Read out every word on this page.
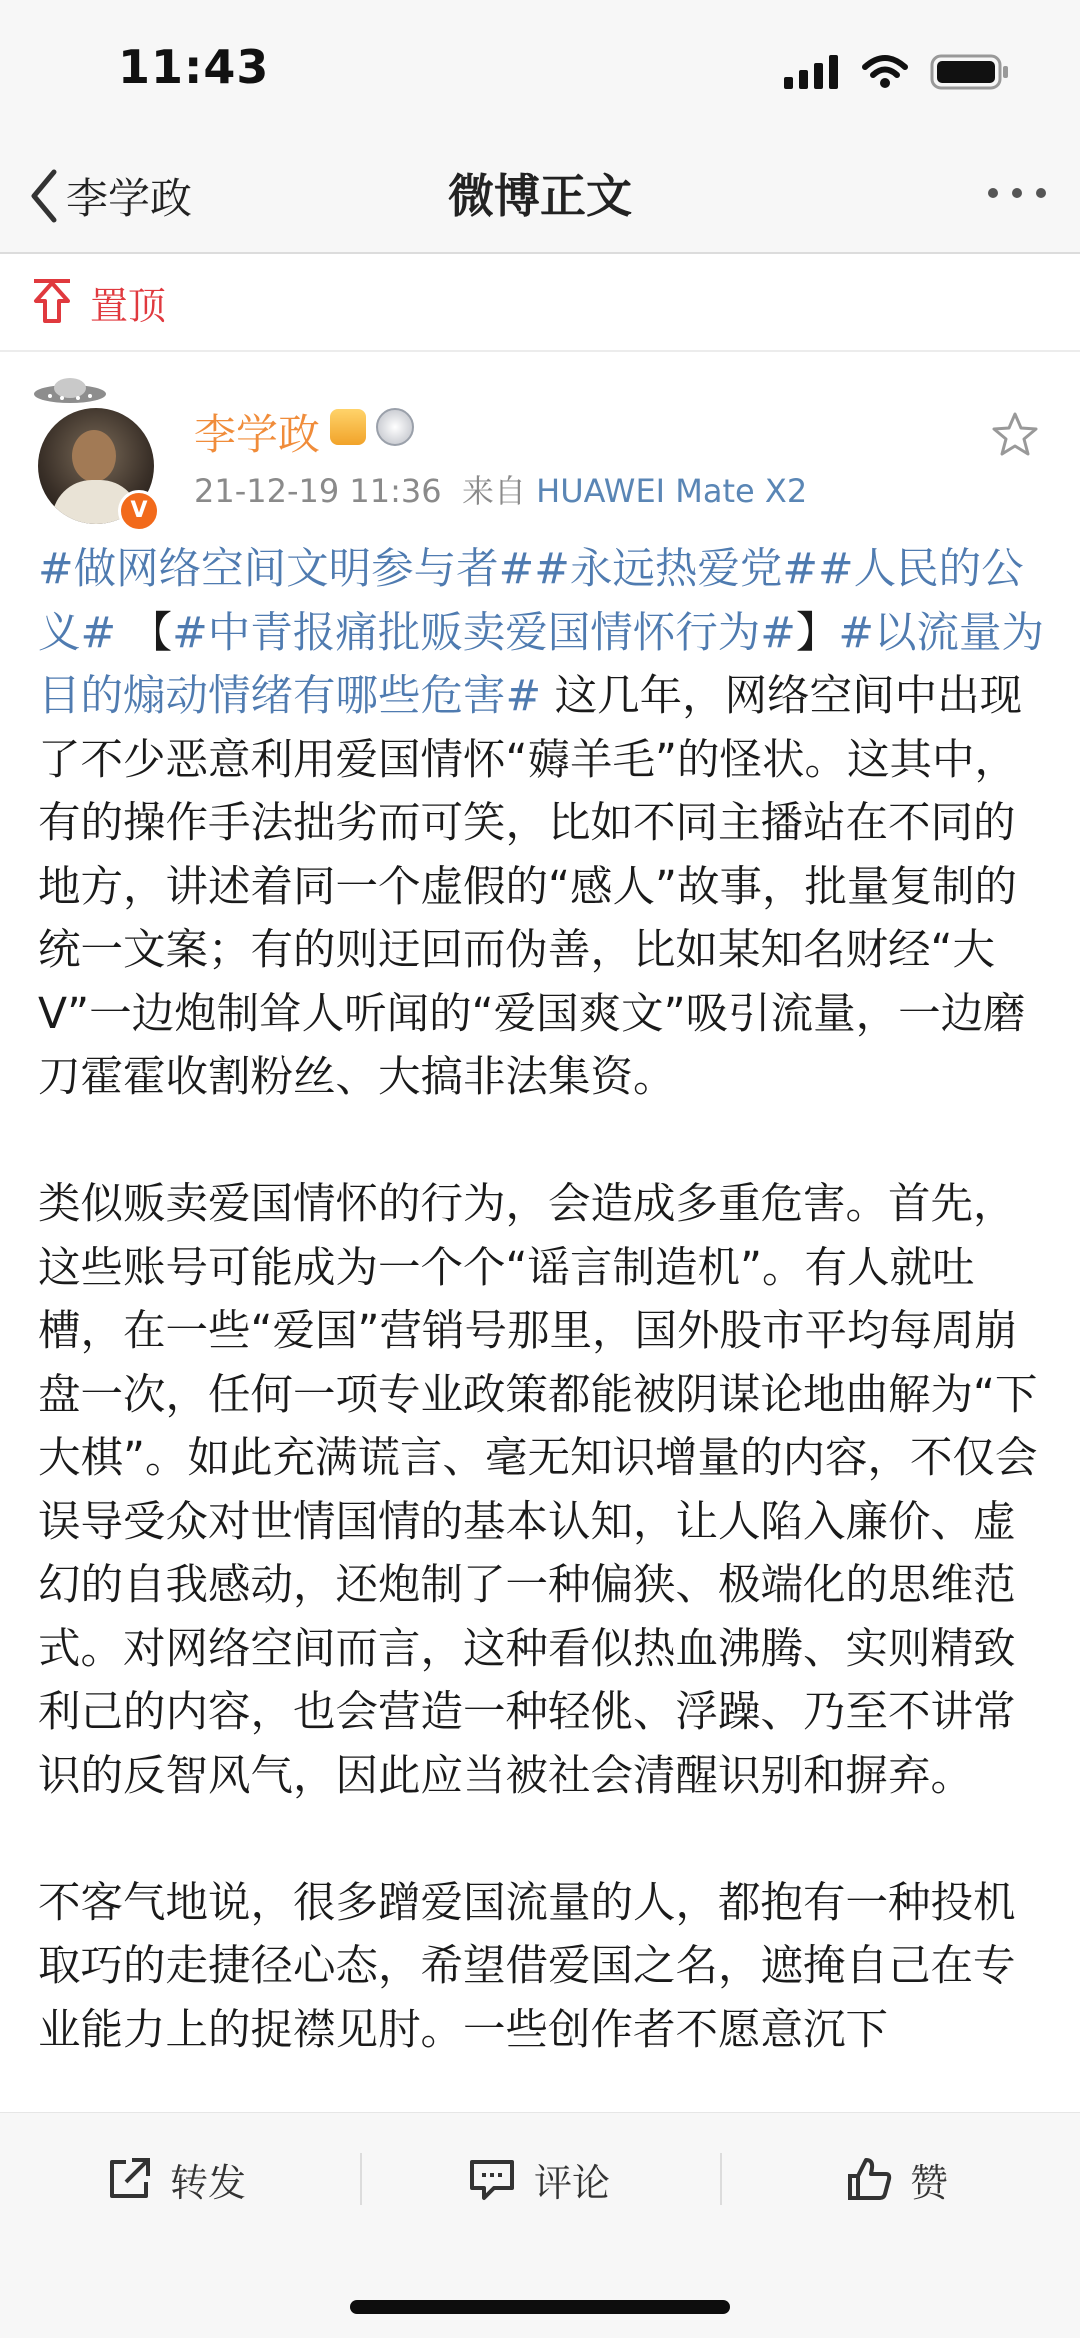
11:43
李学政	微博正文
置顶
V
李学政
21-12-19 11:36 来自 HUAWEI Mate X2

#做网络空间文明参与者##永远热爱党##人民的公义# 【#中青报痛批贩卖爱国情怀行为#】#以流量为目的煽动情绪有哪些危害# 这几年，网络空间中出现了不少恶意利用爱国情怀“薅羊毛”的怪状。这其中，有的操作手法拙劣而可笑，比如不同主播站在不同的地方，讲述着同一个虚假的“感人”故事，批量复制的统一文案；有的则迂回而伪善，比如某知名财经“大V”一边炮制耸人听闻的“爱国爽文”吸引流量，一边磨刀霍霍收割粉丝、大搞非法集资。

类似贩卖爱国情怀的行为，会造成多重危害。首先，这些账号可能成为一个个“谣言制造机”。有人就吐槽，在一些“爱国”营销号那里，国外股市平均每周崩盘一次，任何一项专业政策都能被阴谋论地曲解为“下大棋”。如此充满谎言、毫无知识增量的内容，不仅会误导受众对世情国情的基本认知，让人陷入廉价、虚幻的自我感动，还炮制了一种偏狭、极端化的思维范式。对网络空间而言，这种看似热血沸腾、实则精致利己的内容，也会营造一种轻佻、浮躁、乃至不讲常识的反智风气，因此应当被社会清醒识别和摒弃。

不客气地说，很多蹭爱国流量的人，都抱有一种投机取巧的走捷径心态，希望借爱国之名，遮掩自己在专业能力上的捉襟见肘。一些创作者不愿意沉下

转发	评论	赞
